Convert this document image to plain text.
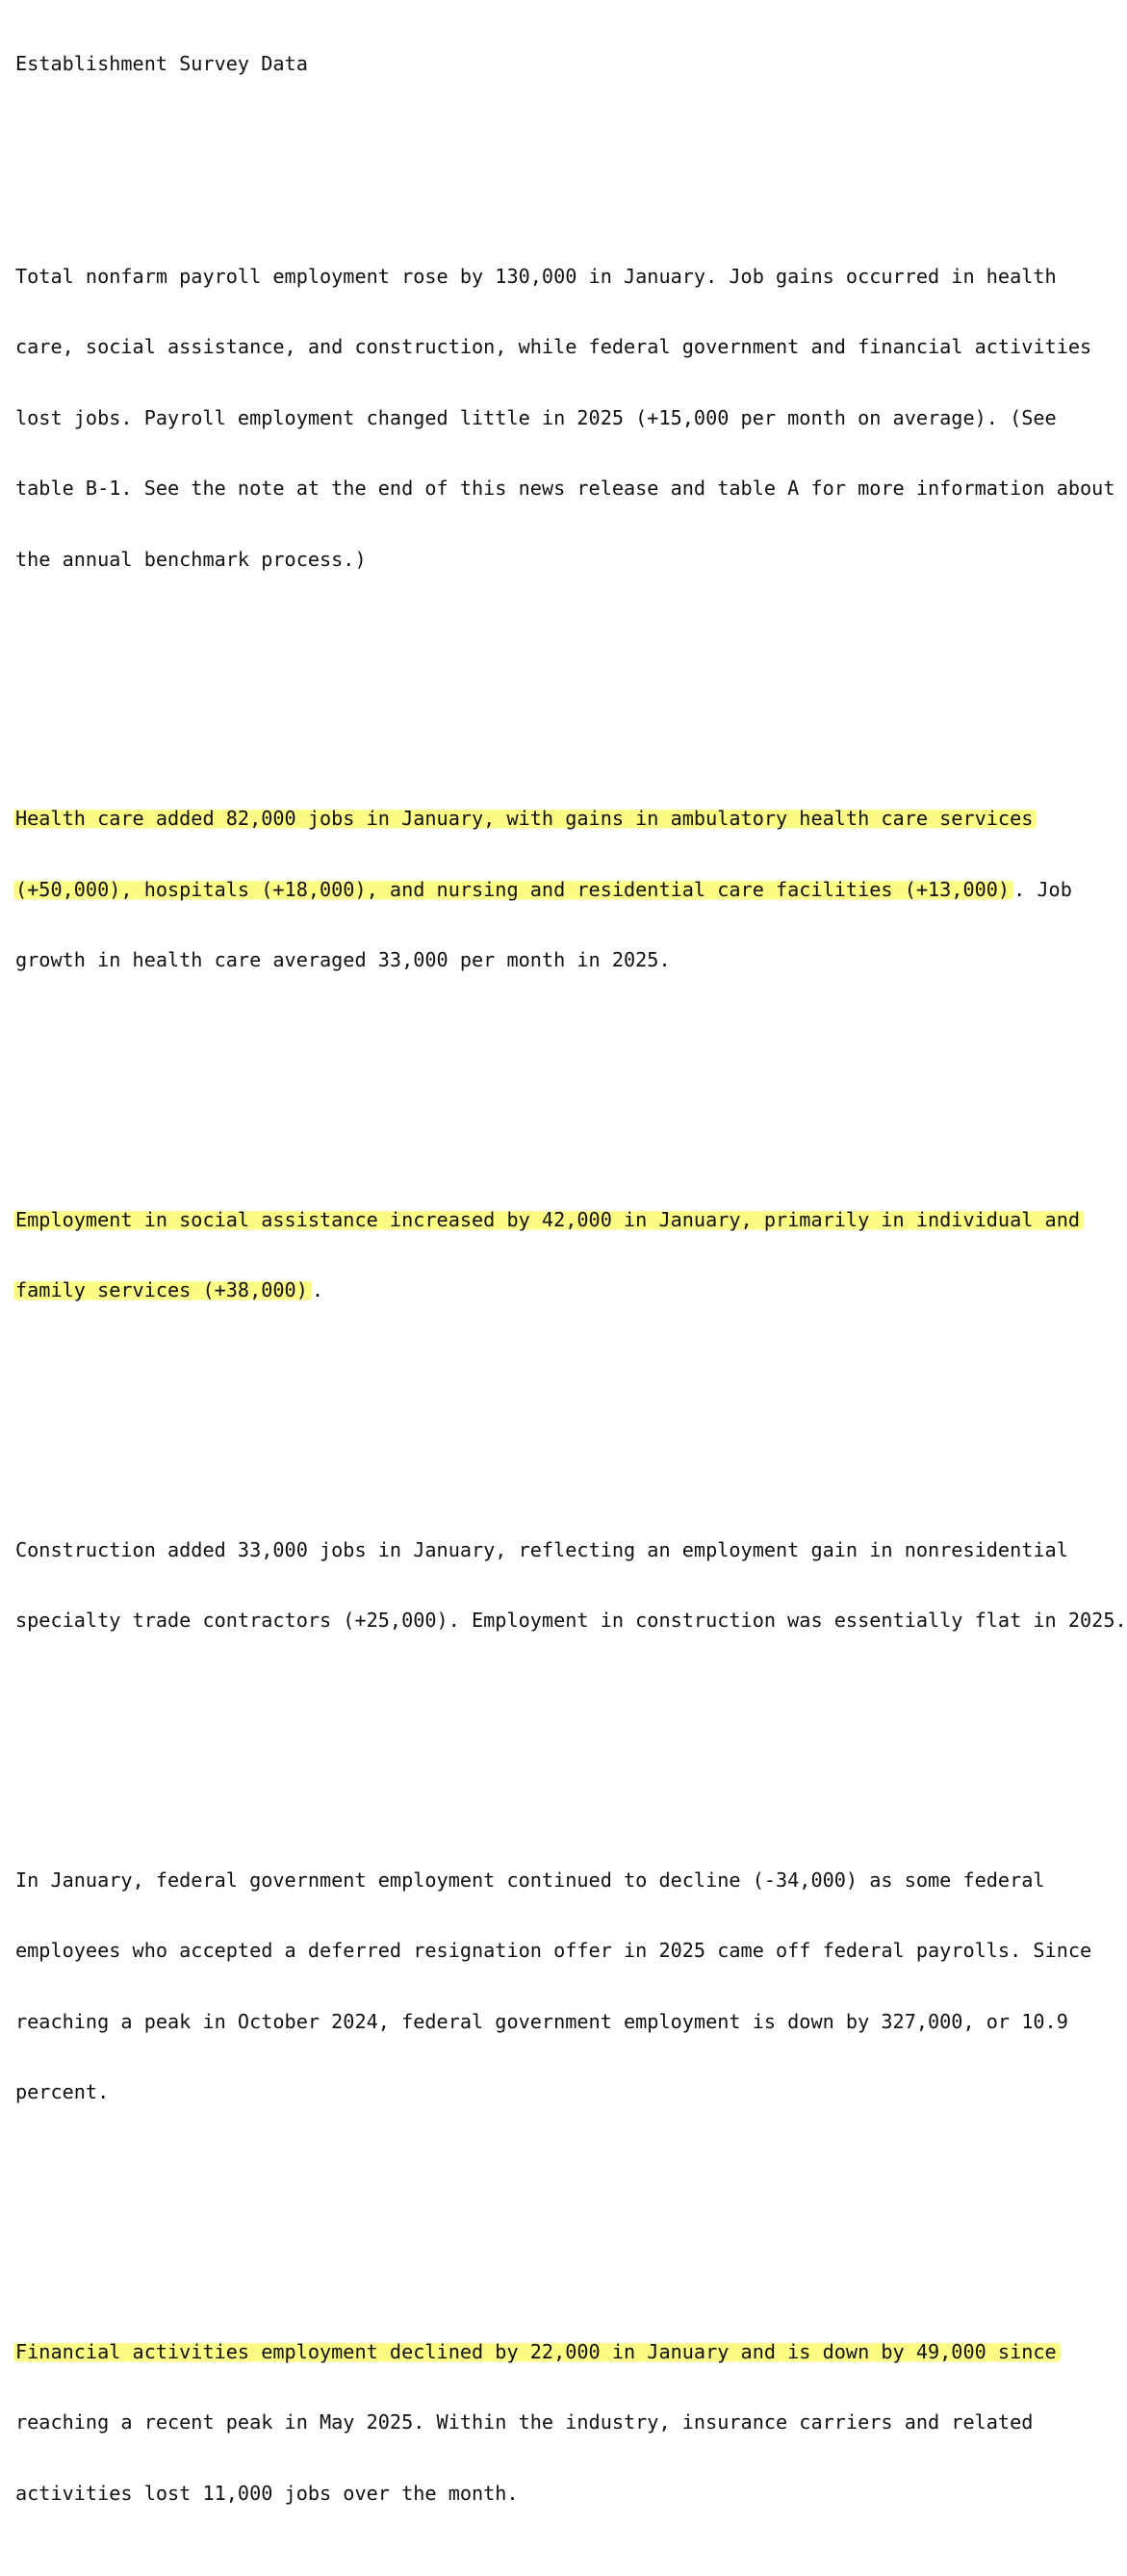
Establishment Survey Data

Total nonfarm payroll employment rose by 130,000 in January. Job gains occurred in health

care, social assistance, and construction, while federal government and financial activities

lost jobs. Payroll employment changed little in 2025 (+15,000 per month on average). (See

table B-1. See the note at the end of this news release and table A for more information about

the annual benchmark process.)

Health care added 82,000 jobs in January, with gains in ambulatory health care services

(+50,000), hospitals (+18,000), and nursing and residential care facilities (+13,000) . Job

growth in health care averaged 33,000 per month in 2025.

Employment in social assistance increased by 42,000 in January, primarily in individual and

family services (+38,000) .

Construction added 33,000 jobs in January, reflecting an employment gain in nonresidential

specialty trade contractors (+25,000). Employment in construction was essentially flat in 2025.

In January, federal government employment continued to decline (-34,000) as some federal

employees who accepted a deferred resignation offer in 2025 came off federal payrolls. Since

reaching a peak in October 2024, federal government employment is down by 327,000, or 10.9

percent.

Financial activities employment declined by 22,000 in January and is down by 49,000 since

reaching a recent peak in May 2025. Within the industry, insurance carriers and related

activities lost 11,000 jobs over the month.
